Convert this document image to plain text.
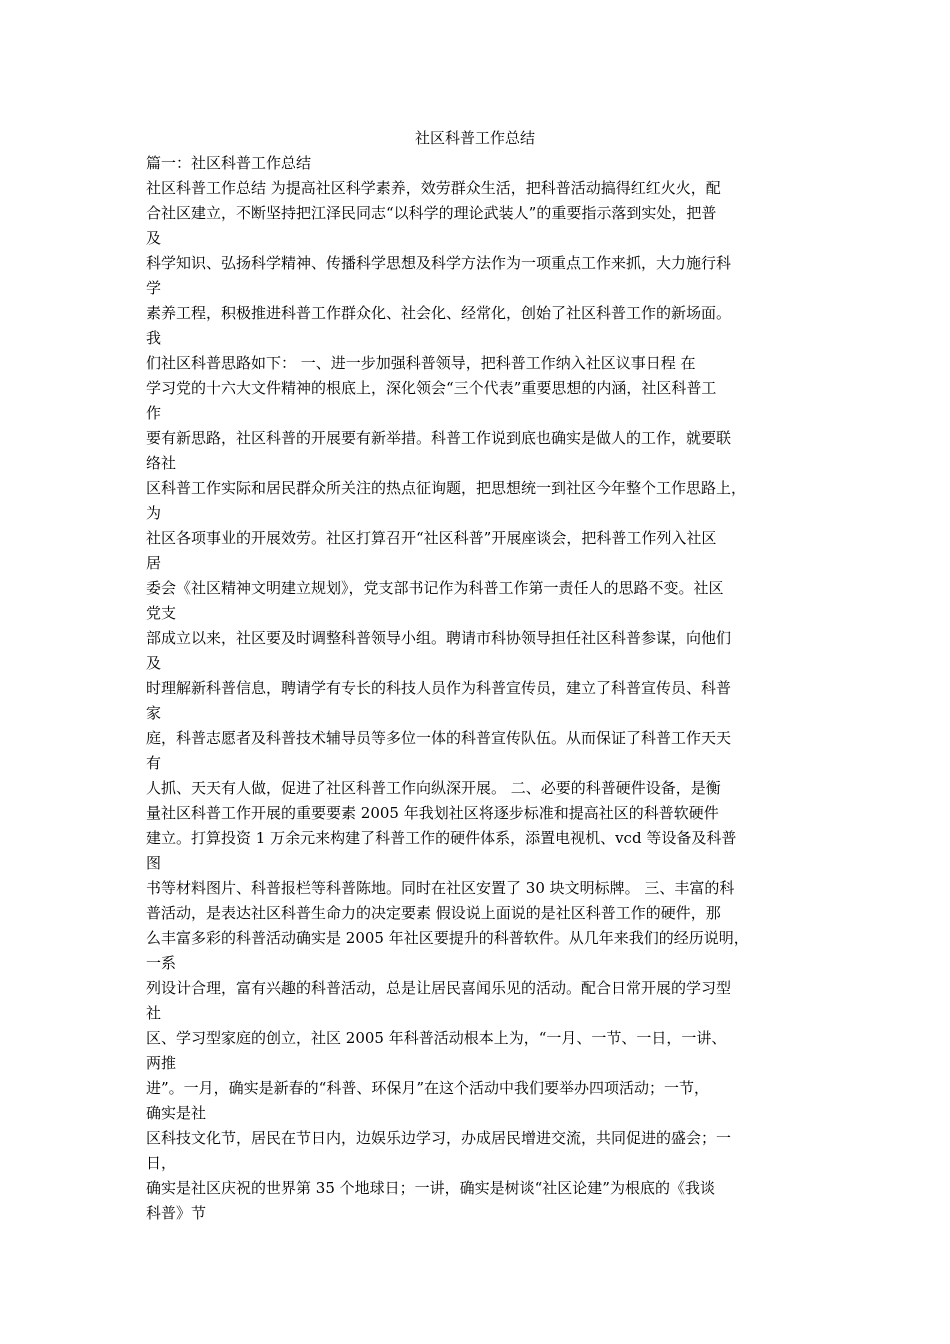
社区科普工作总结
篇一：社区科普工作总结
社区科普工作总结 为提高社区科学素养，效劳群众生活，把科普活动搞得红红火火，配
合社区建立，不断坚持把江泽民同志“以科学的理论武装人”的重要指示落到实处，把普
及
科学知识、弘扬科学精神、传播科学思想及科学方法作为一项重点工作来抓，大力施行科
学
素养工程，积极推进科普工作群众化、社会化、经常化，创始了社区科普工作的新场面。
我
们社区科普思路如下： 一、进一步加强科普领导，把科普工作纳入社区议事日程 在
学习党的十六大文件精神的根底上，深化领会“三个代表”重要思想的内涵，社区科普工
作
要有新思路，社区科普的开展要有新举措。科普工作说到底也确实是做人的工作，就要联
络社
区科普工作实际和居民群众所关注的热点征询题，把思想统一到社区今年整个工作思路上，
为
社区各项事业的开展效劳。社区打算召开“社区科普”开展座谈会，把科普工作列入社区
居
委会《社区精神文明建立规划》，党支部书记作为科普工作第一责任人的思路不变。社区
党支
部成立以来，社区要及时调整科普领导小组。聘请市科协领导担任社区科普参谋，向他们
及
时理解新科普信息，聘请学有专长的科技人员作为科普宣传员，建立了科普宣传员、科普
家
庭，科普志愿者及科普技术辅导员等多位一体的科普宣传队伍。从而保证了科普工作天天
有
人抓、天天有人做，促进了社区科普工作向纵深开展。 二、必要的科普硬件设备，是衡
量社区科普工作开展的重要要素 2005 年我划社区将逐步标准和提高社区的科普软硬件
建立。打算投资 1 万余元来构建了科普工作的硬件体系，添置电视机、vcd 等设备及科普
图
书等材料图片、科普报栏等科普陈地。同时在社区安置了 30 块文明标牌。 三、丰富的科
普活动，是表达社区科普生命力的决定要素 假设说上面说的是社区科普工作的硬件，那
么丰富多彩的科普活动确实是 2005 年社区要提升的科普软件。从几年来我们的经历说明，
一系
列设计合理，富有兴趣的科普活动，总是让居民喜闻乐见的活动。配合日常开展的学习型
社
区、学习型家庭的创立，社区 2005 年科普活动根本上为，“一月、一节、一日，一讲、
两推
进”。一月，确实是新春的“科普、环保月”在这个活动中我们要举办四项活动；一节，
确实是社
区科技文化节，居民在节日内，边娱乐边学习，办成居民增进交流，共同促进的盛会；一
日，
确实是社区庆祝的世界第 35 个地球日；一讲，确实是树谈“社区论建”为根底的《我谈
科普》节
